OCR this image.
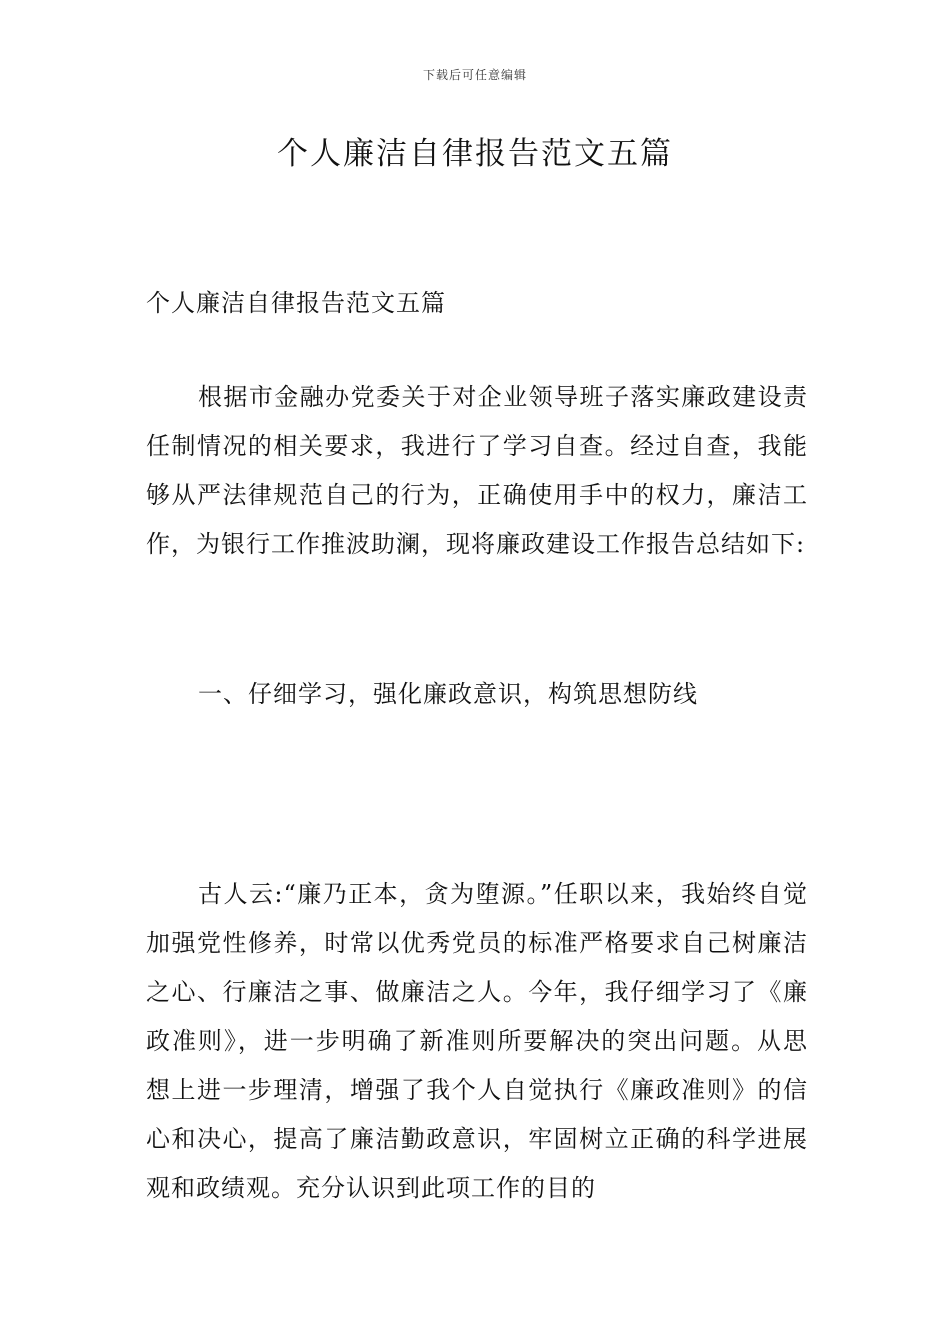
下载后可任意编辑
个人廉洁自律报告范文五篇
个人廉洁自律报告范文五篇

根据市金融办党委关于对企业领导班子落实廉政建设责任制情况的相关要求，我进行了学习自查。经过自查，我能够从严法律规范自己的行为，正确使用手中的权力，廉洁工作，为银行工作推波助澜，现将廉政建设工作报告总结如下:

一、仔细学习，强化廉政意识，构筑思想防线

古人云:“廉乃正本，贪为堕源。”任职以来，我始终自觉加强党性修养，时常以优秀党员的标准严格要求自己树廉洁之心、行廉洁之事、做廉洁之人。今年，我仔细学习了《廉政准则》，进一步明确了新准则所要解决的突出问题。从思想上进一步理清，增强了我个人自觉执行《廉政准则》的信心和决心，提高了廉洁勤政意识，牢固树立正确的科学进展观和政绩观。充分认识到此项工作的目的
